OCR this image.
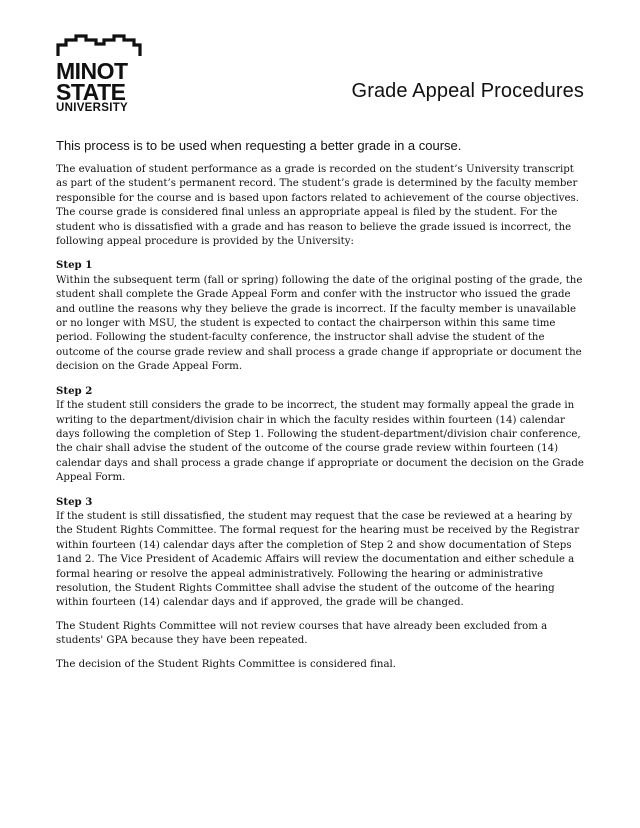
MINOT
STATE
UNIVERSITY
Grade Appeal Procedures
This process is to be used when requesting a better grade in a course.

The evaluation of student performance as a grade is recorded on the student’s University transcript as part of the student’s permanent record. The student’s grade is determined by the faculty member responsible for the course and is based upon factors related to achievement of the course objectives. The course grade is considered final unless an appropriate appeal is filed by the student. For the student who is dissatisfied with a grade and has reason to believe the grade issued is incorrect, the following appeal procedure is provided by the University:

Step 1

Within the subsequent term (fall or spring) following the date of the original posting of the grade, the student shall complete the Grade Appeal Form and confer with the instructor who issued the grade and outline the reasons why they believe the grade is incorrect. If the faculty member is unavailable or no longer with MSU, the student is expected to contact the chairperson within this same time period. Following the student-faculty conference, the instructor shall advise the student of the outcome of the course grade review and shall process a grade change if appropriate or document the decision on the Grade Appeal Form.

Step 2

If the student still considers the grade to be incorrect, the student may formally appeal the grade in writing to the department/division chair in which the faculty resides within fourteen (14) calendar days following the completion of Step 1. Following the student-department/division chair conference, the chair shall advise the student of the outcome of the course grade review within fourteen (14) calendar days and shall process a grade change if appropriate or document the decision on the Grade Appeal Form.

Step 3

If the student is still dissatisfied, the student may request that the case be reviewed at a hearing by the Student Rights Committee. The formal request for the hearing must be received by the Registrar within fourteen (14) calendar days after the completion of Step 2 and show documentation of Steps 1and 2. The Vice President of Academic Affairs will review the documentation and either schedule a formal hearing or resolve the appeal administratively. Following the hearing or administrative resolution, the Student Rights Committee shall advise the student of the outcome of the hearing within fourteen (14) calendar days and if approved, the grade will be changed.

The Student Rights Committee will not review courses that have already been excluded from a students' GPA because they have been repeated.

The decision of the Student Rights Committee is considered final.
